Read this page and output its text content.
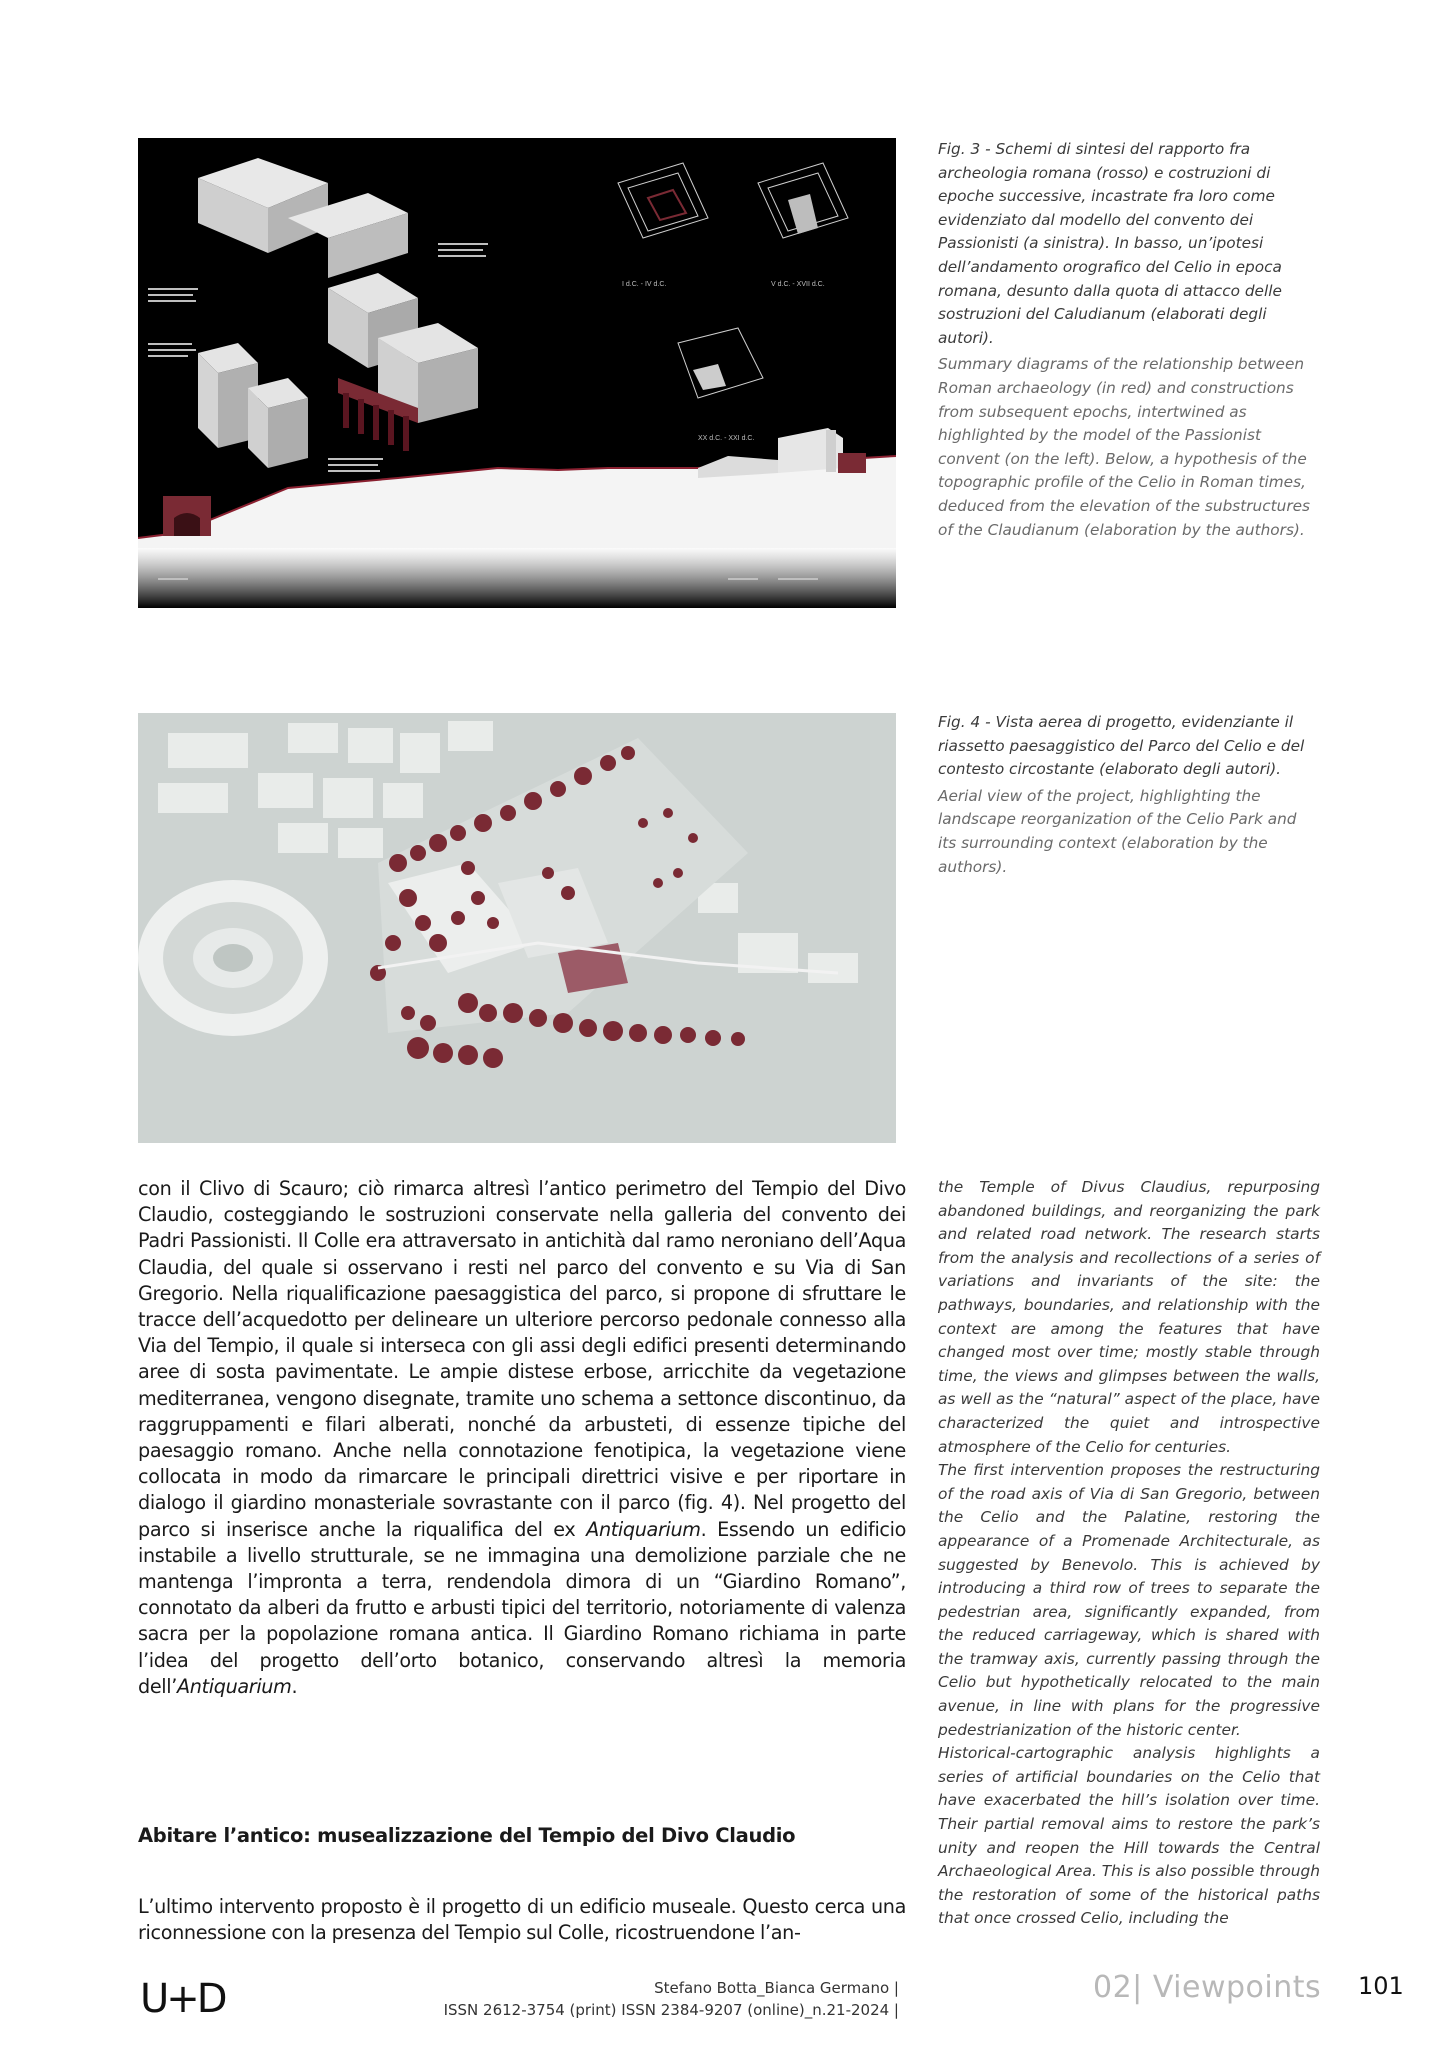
I d.C. - IV d.C.	V d.C. - XVII d.C.
XX d.C. - XXI d.C.
Fig. 3 - Schemi di sintesi del rapporto fra archeologia romana (rosso) e costruzioni di epoche successive, incastrate fra loro come evidenziato dal modello del convento dei Passionisti (a sinistra). In basso, un’ipotesi dell’andamento orografico del Celio in epoca romana, desunto dalla quota di attacco delle sostruzioni del Caludianum (elaborati degli autori).
Summary diagrams of the relationship between Roman archaeology (in red) and constructions from subsequent epochs, intertwined as highlighted by the model of the Passionist convent (on the left). Below, a hypothesis of the topographic profile of the Celio in Roman times, deduced from the elevation of the substructures of the Claudianum (elaboration by the authors).
Fig. 4 - Vista aerea di progetto, evidenziante il riassetto paesaggistico del Parco del Celio e del contesto circostante (elaborato degli autori).
Aerial view of the project, highlighting the landscape reorganization of the Celio Park and its surrounding context (elaboration by the authors).

con il Clivo di Scauro; ciò rimarca altresì l’antico perimetro del Tempio del Divo Claudio, costeggiando le sostruzioni conservate nella galleria del convento dei Padri Passionisti. Il Colle era attraversato in antichità dal ramo neroniano dell’Aqua Claudia, del quale si osservano i resti nel parco del convento e su Via di San Gregorio. Nella riqualificazione paesaggistica del parco, si propone di sfruttare le tracce dell’acquedotto per delineare un ulteriore percorso pedonale connesso alla Via del Tempio, il quale si interseca con gli assi degli edifici presenti determinando aree di sosta pavimentate. Le ampie distese erbose, arricchite da vegetazione mediterranea, vengono disegnate, tramite uno schema a settonce discontinuo, da raggruppamenti e filari alberati, nonché da arbusteti, di essenze tipiche del paesaggio romano. Anche nella connotazione fenotipica, la vegetazione viene collocata in modo da rimarcare le principali direttrici visive e per riportare in dialogo il giardino monasteriale sovrastante con il parco (fig. 4). Nel progetto del parco si inserisce anche la riqualifica del ex Antiquarium. Essendo un edificio instabile a livello strutturale, se ne immagina una demolizione parziale che ne mantenga l’impronta a terra, rendendola dimora di un “Giardino Romano”, connotato da alberi da frutto e arbusti tipici del territorio, notoriamente di valenza sacra per la popolazione romana antica. Il Giardino Romano richiama in parte l’idea del progetto dell’orto botanico, conservando altresì la memoria dell’Antiquarium.

Abitare l’antico: musealizzazione del Tempio del Divo Claudio
L’ultimo intervento proposto è il progetto di un edificio museale. Questo cerca una riconnessione con la presenza del Tempio sul Colle, ricostruendone l’an-

the Temple of Divus Claudius, repurposing abandoned buildings, and reorganizing the park and related road network. The research starts from the analysis and recollections of a series of variations and invariants of the site: the pathways, boundaries, and relationship with the context are among the features that have changed most over time; mostly stable through time, the views and glimpses between the walls, as well as the “natural” aspect of the place, have characterized the quiet and introspective atmosphere of the Celio for centuries.

The first intervention proposes the restructuring of the road axis of Via di San Gregorio, between the Celio and the Palatine, restoring the appearance of a Promenade Architecturale, as suggested by Benevolo. This is achieved by introducing a third row of trees to separate the pedestrian area, significantly expanded, from the reduced carriageway, which is shared with the tramway axis, currently passing through the Celio but hypothetically relocated to the main avenue, in line with plans for the progressive pedestrianization of the historic center.

Historical-cartographic analysis highlights a series of artificial boundaries on the Celio that have exacerbated the hill’s isolation over time. Their partial removal aims to restore the park’s unity and reopen the Hill towards the Central Archaeological Area. This is also possible through the restoration of some of the historical paths that once crossed Celio, including the

U+D	Stefano Botta_Bianca Germano |
ISSN 2612-3754 (print) ISSN 2384-9207 (online)_n.21-2024 |
02| Viewpoints 101
